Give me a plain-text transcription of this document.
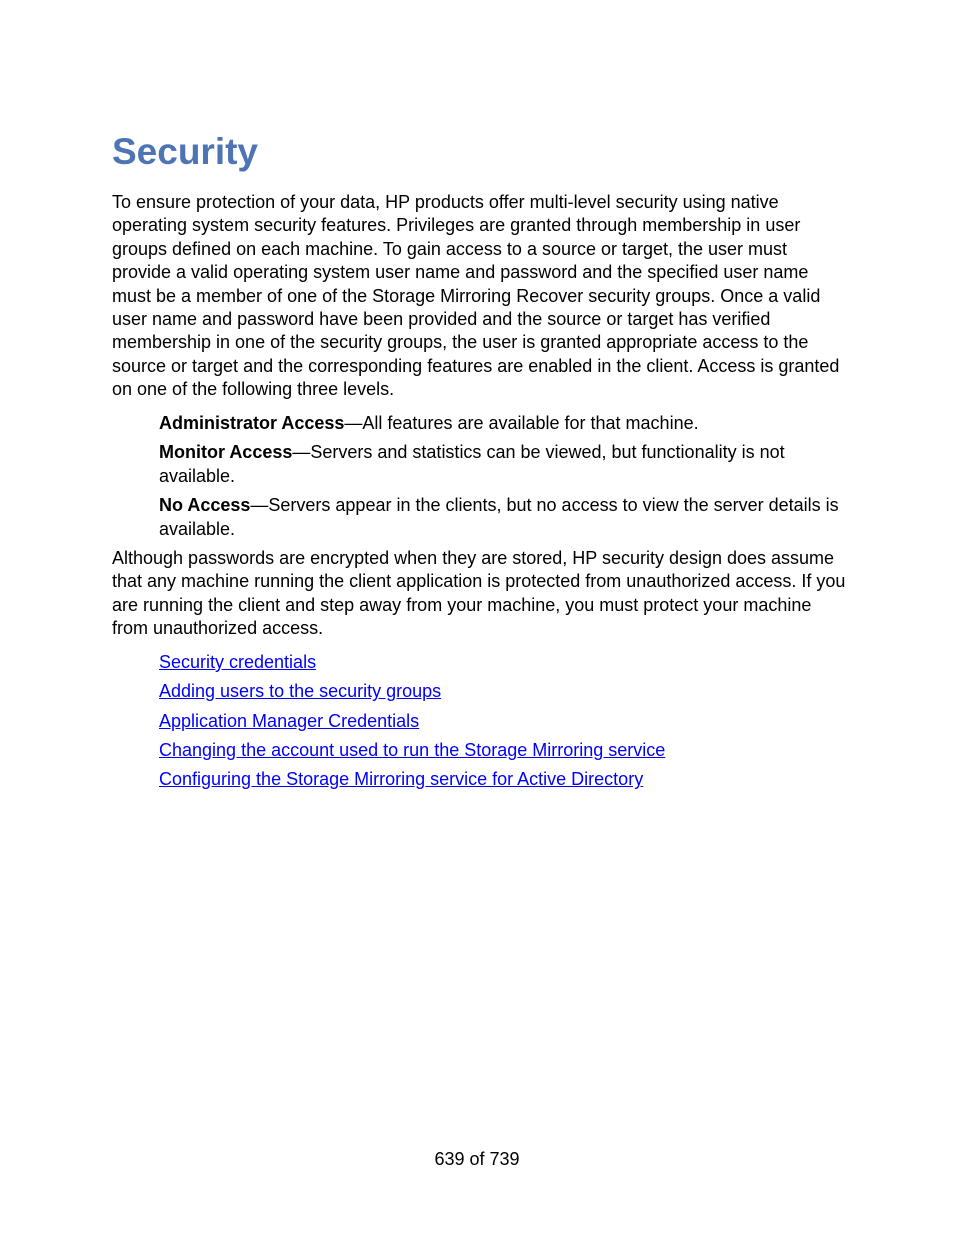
Security

To ensure protection of your data, HP products offer multi-level security using native operating system security features. Privileges are granted through membership in user groups defined on each machine. To gain access to a source or target, the user must provide a valid operating system user name and password and the specified user name must be a member of one of the Storage Mirroring Recover security groups. Once a valid user name and password have been provided and the source or target has verified membership in one of the security groups, the user is granted appropriate access to the source or target and the corresponding features are enabled in the client. Access is granted on one of the following three levels.

Administrator Access—All features are available for that machine.

Monitor Access—Servers and statistics can be viewed, but functionality is not available.

No Access—Servers appear in the clients, but no access to view the server details is available.

Although passwords are encrypted when they are stored, HP security design does assume that any machine running the client application is protected from unauthorized access. If you are running the client and step away from your machine, you must protect your machine from unauthorized access.

Security credentials
Adding users to the security groups
Application Manager Credentials
Changing the account used to run the Storage Mirroring service
Configuring the Storage Mirroring service for Active Directory
639 of 739
